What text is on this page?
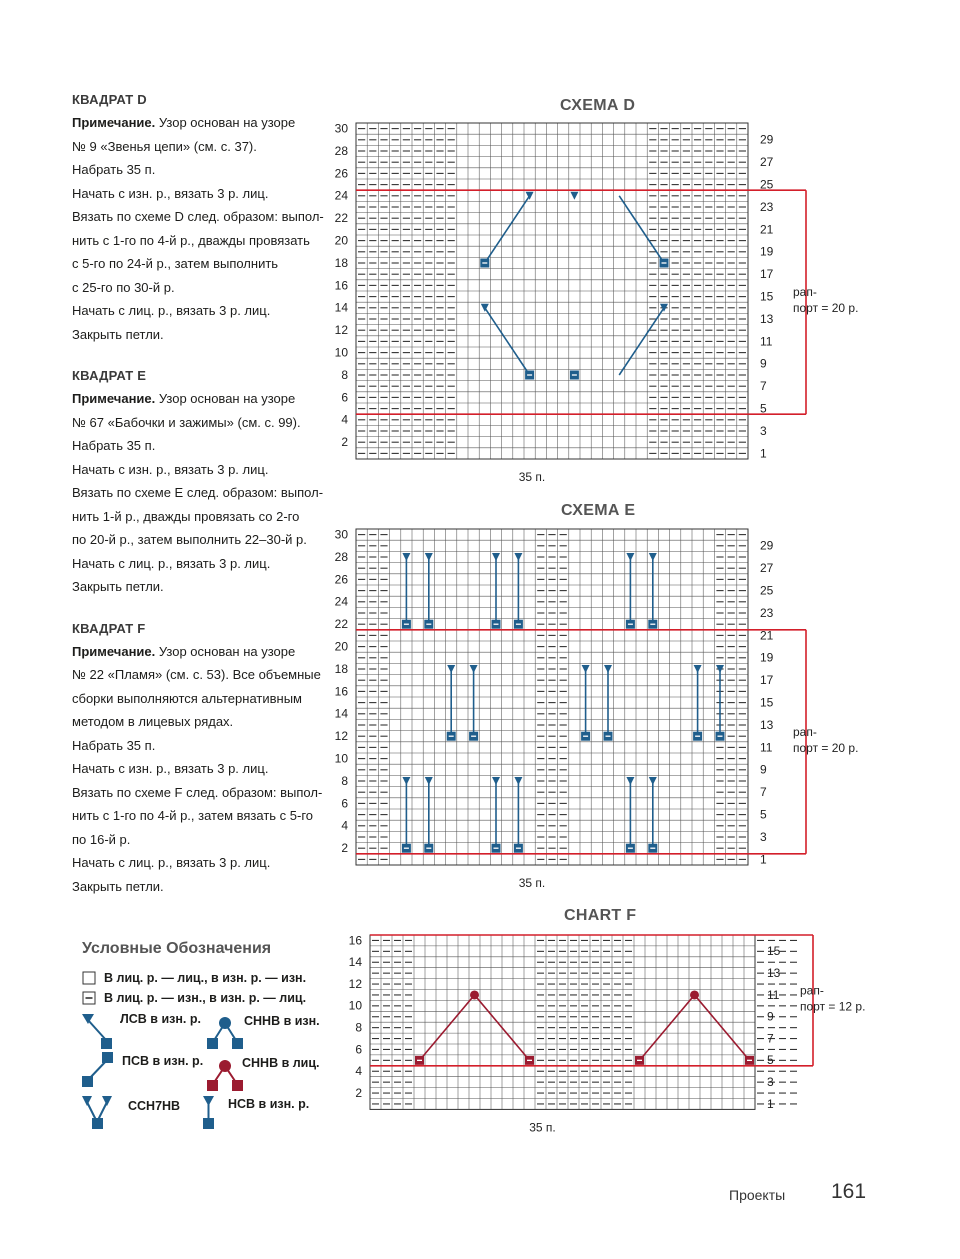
КВАДРАТ D

Примечание. Узор основан на узоре

№ 9 «Звенья цепи» (см. с. 37).

Набрать 35 п.

Начать с изн. р., вязать 3 р. лиц.

Вязать по схеме D след. образом: выпол-

нить с 1-го по 4-й р., дважды провязать

с 5-го по 24-й р., затем выполнить

с 25-го по 30-й р.

Начать с лиц. р., вязать 3 р. лиц.

Закрыть петли.

КВАДРАТ E

Примечание. Узор основан на узоре

№ 67 «Бабочки и зажимы» (см. с. 99).

Набрать 35 п.

Начать с изн. р., вязать 3 р. лиц.

Вязать по схеме E след. образом: выпол-

нить 1-й р., дважды провязать со 2-го

по 20-й р., затем выполнить 22–30-й р.

Начать с лиц. р., вязать 3 р. лиц.

Закрыть петли.

КВАДРАТ F

Примечание. Узор основан на узоре

№ 22 «Пламя» (см. с. 53). Все объемные

сборки выполняются альтернативным

методом в лицевых рядах.

Набрать 35 п.

Начать с изн. р., вязать 3 р. лиц.

Вязать по схеме F след. образом: выпол-

нить с 1-го по 4-й р., затем вязать с 5-го

по 16-й р.

Начать с лиц. р., вязать 3 р. лиц.

Закрыть петли.

Условные Обозначения
В лиц. р. — лиц., в изн. р. — изн.
В лиц. р. — изн., в изн. р. — лиц.
ЛСВ в изн. р.	СННВ в изн.
ПСВ в изн. р.	СННВ в лиц.
ССН7НВ	НСВ в изн. р.
СХЕМА D
СХЕМА E
CHART F
30
28
26
24
22
20
18
16
14
12
10
8
6
4
2
29
27
25
23
21
19
17
15
13
11
9
7
5
3
1
35 п.
рап-
порт = 20 р.
30
28
26
24
22
20
18
16
14
12
10
8
6
4
2
29
27
25
23
21
19
17
15
13
11
9
7
5
3
1
35 п.
рап-
порт = 20 р.
16
14
12
10
8
6
4
2
15
13
11
9
7
5
3
1
35 п.
рап-
порт = 12 р.
Проекты 161
